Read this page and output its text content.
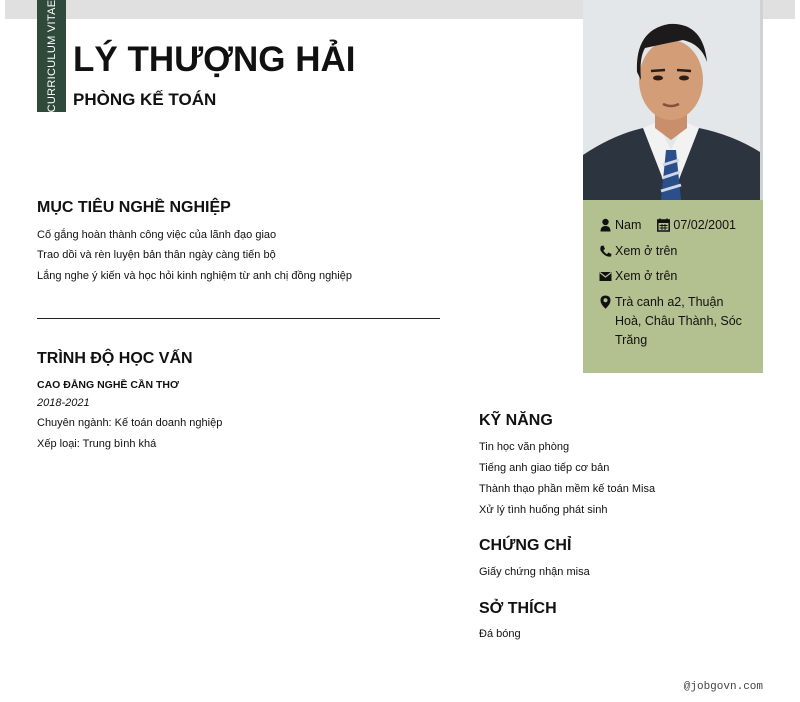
CURRICULUM VITAE LÝ THƯỢNG HẢI
PHÒNG KẾ TOÁN
Nam	07/02/2001
Xem ở trên
Xem ở trên
Trà canh a2, Thuận Hoà, Châu Thành, Sóc Trăng
MỤC TIÊU NGHỀ NGHIỆP
Cố gắng hoàn thành công việc của lãnh đạo giao
Trao dồi và rèn luyện bản thân ngày càng tiến bộ
Lắng nghe ý kiến và học hỏi kinh nghiệm từ anh chị đồng nghiệp
TRÌNH ĐỘ HỌC VẤN
CAO ĐẲNG NGHỀ CẦN THƠ
2018-2021
Chuyên ngành: Kế toán doanh nghiệp
Xếp loại: Trung bình khá
KỸ NĂNG
Tin học văn phòng
Tiếng anh giao tiếp cơ bản
Thành thạo phần mềm kế toán Misa
Xử lý tình huống phát sinh
CHỨNG CHỈ
Giấy chứng nhận misa
SỞ THÍCH
Đá bóng
@jobgovn.com
